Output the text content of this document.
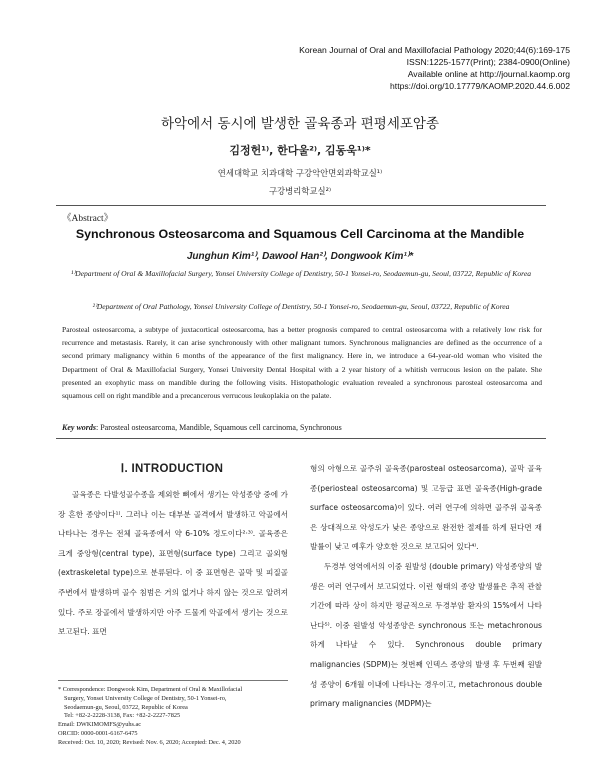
Korean Journal of Oral and Maxillofacial Pathology 2020;44(6):169-175
ISSN:1225-1577(Print); 2384-0900(Online)
Available online at http://journal.kaomp.org
https://doi.org/10.17779/KAOMP.2020.44.6.002
하악에서 동시에 발생한 골육종과 편평세포암종
김정헌¹⁾, 한다울²⁾, 김동욱¹⁾*
연세대학교 치과대학 구강악안면외과학교실¹⁾
구강병리학교실²⁾
《Abstract》
Synchronous Osteosarcoma and Squamous Cell Carcinoma at the Mandible
Junghun Kim¹⁾, Dawool Han²⁾, Dongwook Kim¹⁾*
¹⁾Department of Oral & Maxillofacial Surgery, Yonsei University College of Dentistry, 50-1 Yonsei-ro, Seodaemun-gu, Seoul, 03722, Republic of Korea
²⁾Department of Oral Pathology, Yonsei University College of Dentistry, 50-1 Yonsei-ro, Seodaemun-gu, Seoul, 03722, Republic of Korea
Parosteal osteosarcoma, a subtype of juxtacortical osteosarcoma, has a better prognosis compared to central osteosarcoma with a relatively low risk for recurrence and metastasis. Rarely, it can arise synchronously with other malignant tumors. Synchronous malignancies are defined as the occurrence of a second primary malignancy within 6 months of the appearance of the first malignancy. Here in, we introduce a 64-year-old woman who visited the Department of Oral & Maxillofacial Surgery, Yonsei University Dental Hospital with a 2 year history of a whitish verrucous lesion on the palate. She presented an exophytic mass on mandible during the following visits. Histopathologic evaluation revealed a synchronous parosteal osteosarcoma and squamous cell on right mandible and a precancerous verrucous leukoplakia on the palate.
Key words: Parosteal osteosarcoma, Mandible, Squamous cell carcinoma, Synchronous
Ⅰ. INTRODUCTION

골육종은 다발성골수종을 제외한 뼈에서 생기는 악성종양 중에 가장 흔한 종양이다¹⁾. 그러나 이는 대부분 골격에서 발생하고 악골에서 나타나는 경우는 전체 골육종에서 약 6-10% 정도이다²·³⁾. 골육종은 크게 중앙형(central type), 표면형(surface type) 그리고 골외형(extraskeletal type)으로 분류된다. 이 중 표면형은 골막 및 피질골 주변에서 발생하며 골수 침범은 거의 없거나 하지 않는 것으로 알려져 있다. 주로 장골에서 발생하지만 아주 드물게 악골에서 생기는 것으로 보고된다. 표면

* Correspondence: Dongwook Kim, Department of Oral & Maxillofacial
Surgery, Yonsei University College of Dentistry, 50-1 Yonsei-ro,
Seodaemun-gu, Seoul, 03722, Republic of Korea
Tel: +82-2-2228-3138, Fax: +82-2-2227-7825
Email: DWKIMOMFS@yuhs.ac
ORCID: 0000-0001-6167-6475
Received: Oct. 10, 2020; Revised: Nov. 6, 2020; Accepted: Dec. 4, 2020

형의 아형으로 골주위 골육종(parosteal osteosarcoma), 골막 골육종(periosteal osteosarcoma) 및 고등급 표면 골육종(High-grade surface osteosarcoma)이 있다. 여러 연구에 의하면 골주위 골육종은 상대적으로 악성도가 낮은 종양으로 완전한 절제를 하게 된다면 재발률이 낮고 예후가 양호한 것으로 보고되어 있다⁴⁾.

두경부 영역에서의 이중 원발성 (double primary) 악성종양의 발생은 여러 연구에서 보고되었다. 이런 형태의 종양 발생률은 추적 관찰 기간에 따라 상이 하지만 평균적으로 두경부암 환자의 15%에서 나타난다⁵⁾. 이중 원발성 악성종양은 synchronous 또는 metachronous 하게 나타날 수 있다. Synchronous double primary malignancies (SDPM)는 첫번째 인덱스 종양의 발생 후 두번째 원발성 종양이 6개월 이내에 나타나는 경우이고, metachronous double primary malignancies (MDPM)는
